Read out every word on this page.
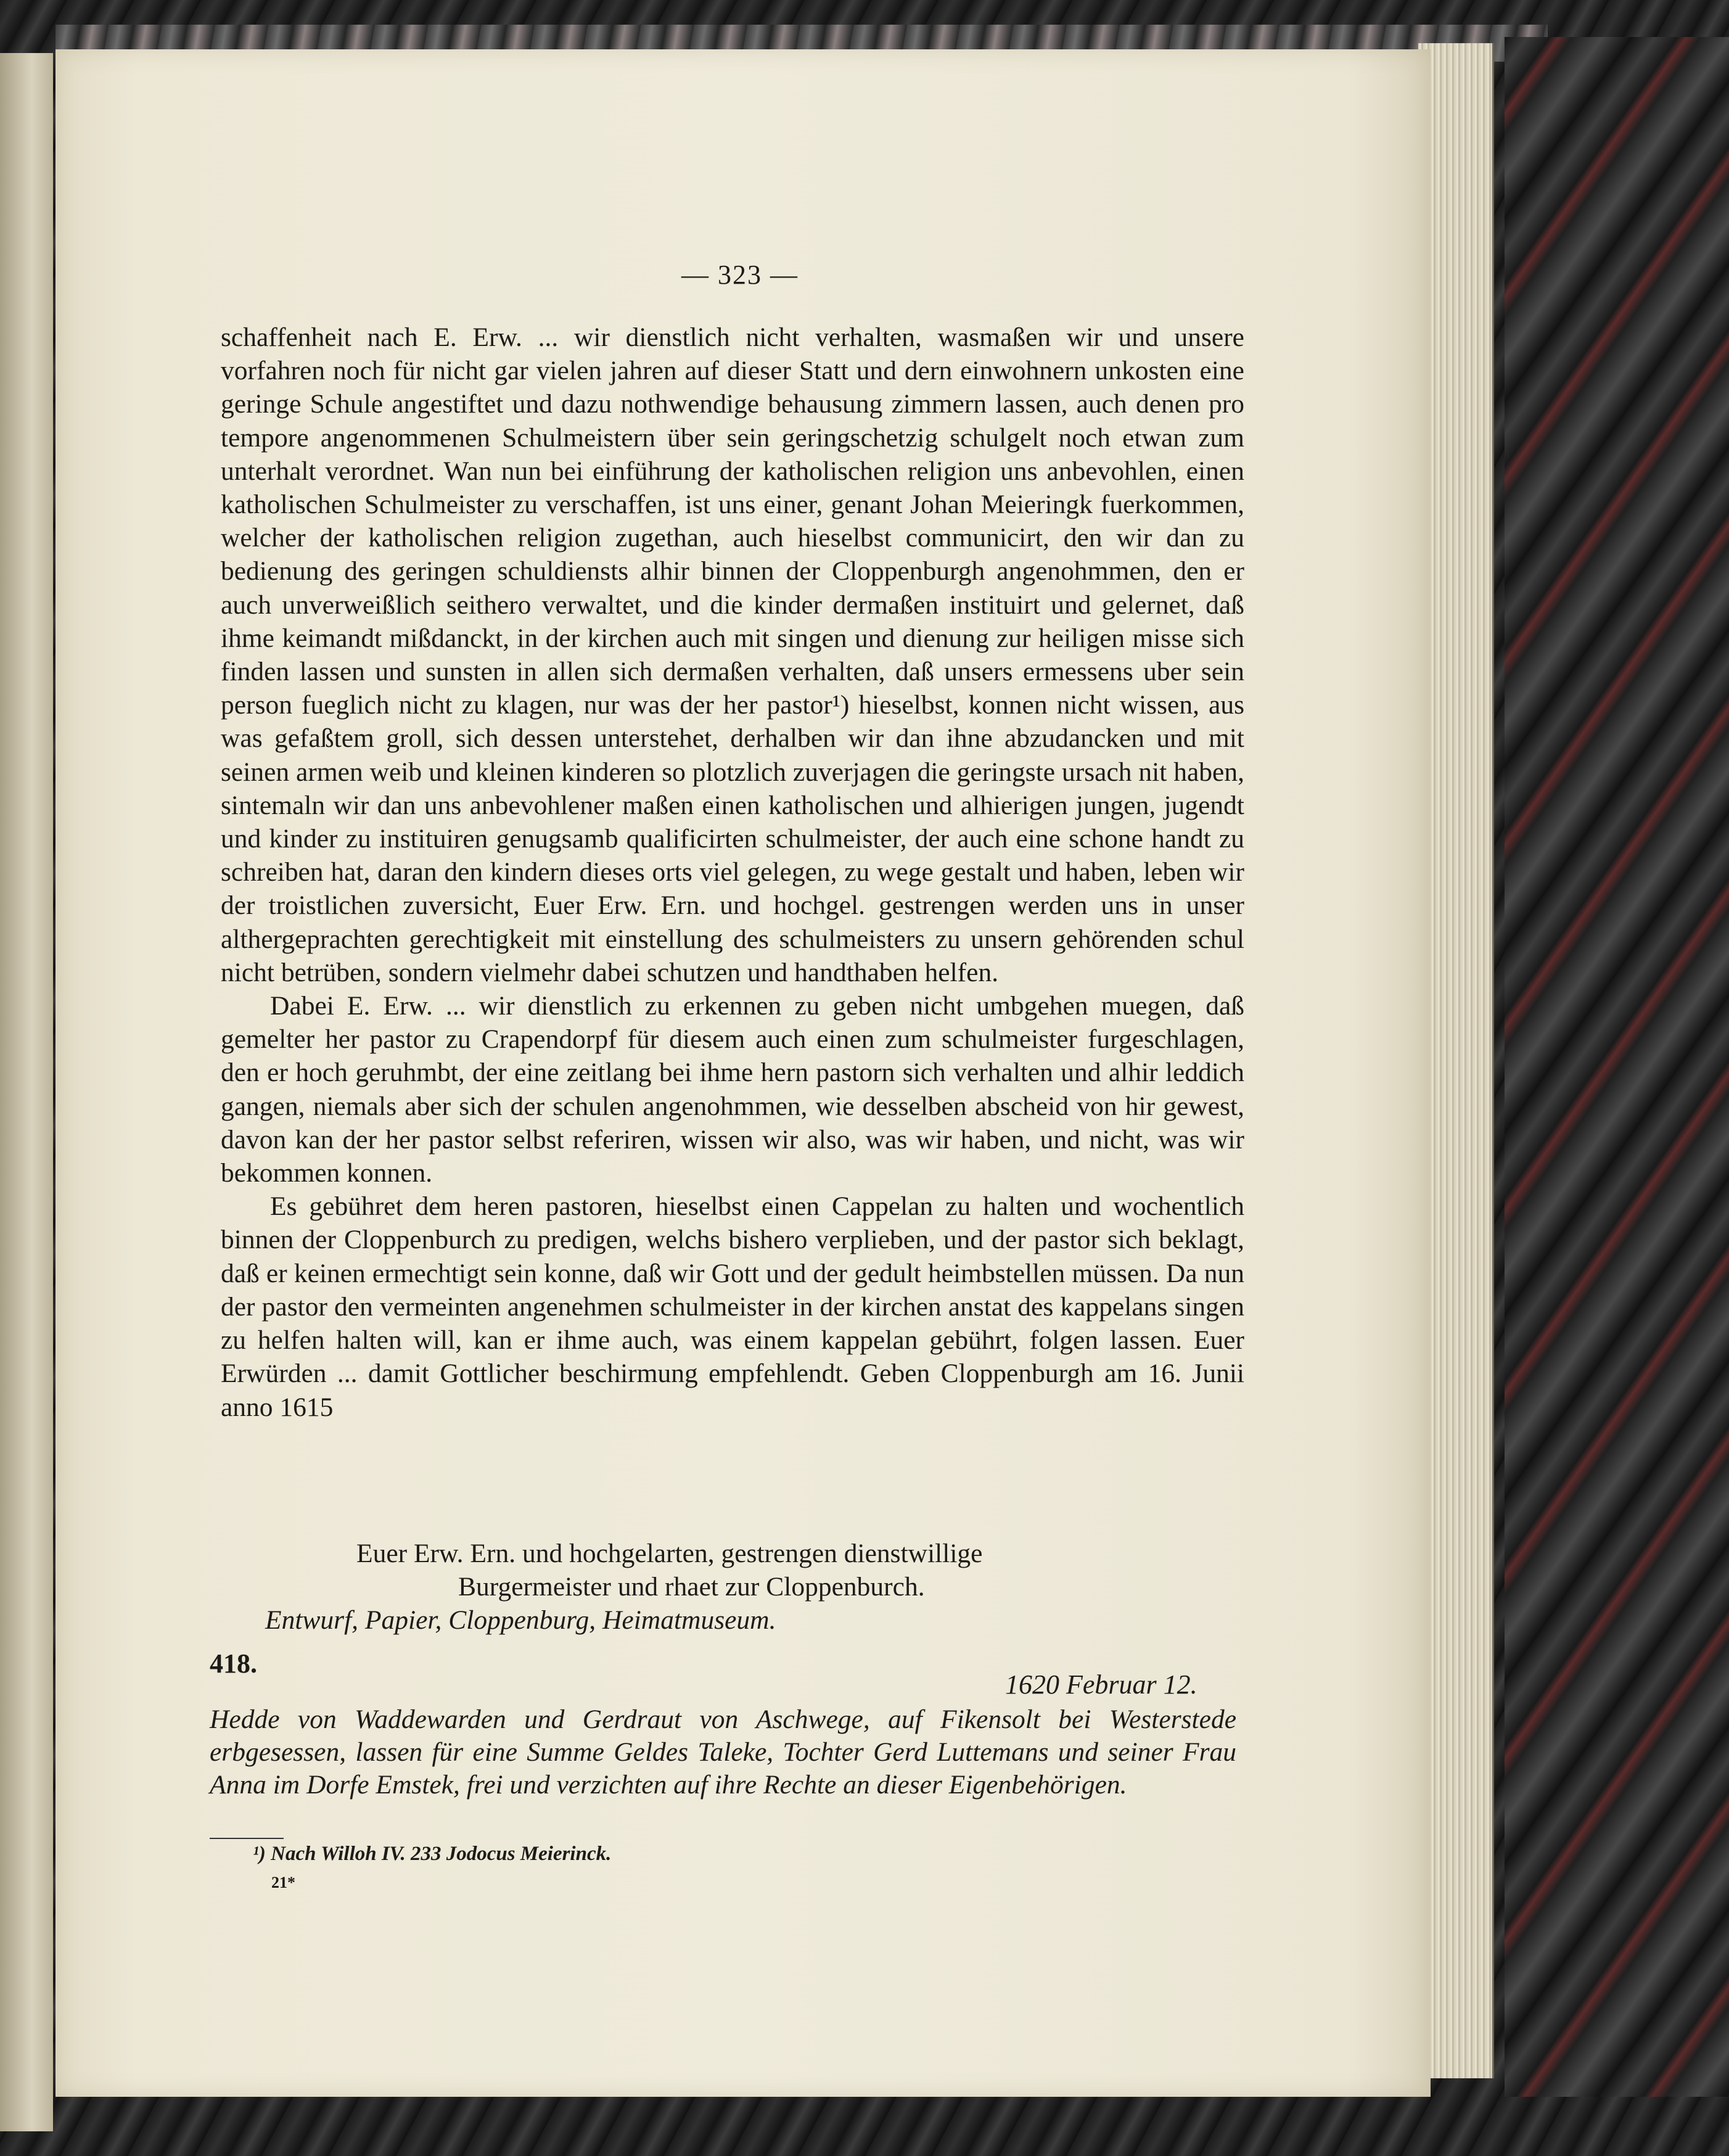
— 323 —

schaffenheit nach E. Erw. ... wir dienstlich nicht verhalten, wasmaßen wir und unsere vorfahren noch für nicht gar vielen jahren auf dieser Statt und dern einwohnern unkosten eine geringe Schule angestiftet und dazu nothwendige behausung zimmern lassen, auch denen pro tempore angenommenen Schulmeistern über sein geringschetzig schulgelt noch etwan zum unterhalt verordnet. Wan nun bei einführung der katholischen religion uns anbevohlen, einen katholischen Schulmeister zu verschaffen, ist uns einer, genant Johan Meieringk fuerkommen, welcher der katholischen religion zugethan, auch hieselbst communicirt, den wir dan zu bedienung des geringen schuldiensts alhir binnen der Cloppenburgh angenohmmen, den er auch unverweißlich seithero verwaltet, und die kinder dermaßen instituirt und gelernet, daß ihme keimandt mißdanckt, in der kirchen auch mit singen und dienung zur heiligen misse sich finden lassen und sunsten in allen sich dermaßen verhalten, daß unsers ermessens uber sein person fueglich nicht zu klagen, nur was der her pastor¹) hieselbst, konnen nicht wissen, aus was gefaßtem groll, sich dessen unterstehet, derhalben wir dan ihne abzudancken und mit seinen armen weib und kleinen kinderen so plotzlich zuverjagen die geringste ursach nit haben, sintemaln wir dan uns anbevohlener maßen einen katholischen und alhierigen jungen, jugendt und kinder zu instituiren genugsamb qualificirten schulmeister, der auch eine schone handt zu schreiben hat, daran den kindern dieses orts viel gelegen, zu wege gestalt und haben, leben wir der troistlichen zuversicht, Euer Erw. Ern. und hochgel. gestrengen werden uns in unser althergeprachten gerechtigkeit mit einstellung des schulmeisters zu unsern gehörenden schul nicht betrüben, sondern vielmehr dabei schutzen und handthaben helfen.

Dabei E. Erw. ... wir dienstlich zu erkennen zu geben nicht umbgehen muegen, daß gemelter her pastor zu Crapendorpf für diesem auch einen zum schulmeister furgeschlagen, den er hoch geruhmbt, der eine zeitlang bei ihme hern pastorn sich verhalten und alhir leddich gangen, niemals aber sich der schulen angenohmmen, wie desselben abscheid von hir gewest, davon kan der her pastor selbst referiren, wissen wir also, was wir haben, und nicht, was wir bekommen konnen.

Es gebühret dem heren pastoren, hieselbst einen Cappelan zu halten und wochentlich binnen der Cloppenburch zu predigen, welchs bishero verplieben, und der pastor sich beklagt, daß er keinen ermechtigt sein konne, daß wir Gott und der gedult heimbstellen müssen. Da nun der pastor den vermeinten angenehmen schulmeister in der kirchen anstat des kappelans singen zu helfen halten will, kan er ihme auch, was einem kappelan gebührt, folgen lassen. Euer Erwürden ... damit Gottlicher beschirmung empfehlendt. Geben Cloppenburgh am 16. Junii anno 1615

Euer Erw. Ern. und hochgelarten, gestrengen dienstwillige
Burgermeister und rhaet zur Cloppenburch.
Entwurf, Papier, Cloppenburg, Heimatmuseum.
418.
1620 Februar 12.
Hedde von Waddewarden und Gerdraut von Aschwege, auf Fikensolt bei Westerstede erbgesessen, lassen für eine Summe Geldes Taleke, Tochter Gerd Luttemans und seiner Frau Anna im Dorfe Emstek, frei und verzichten auf ihre Rechte an dieser Eigenbehörigen.
¹) Nach Willoh IV. 233 Jodocus Meierinck.
21*
